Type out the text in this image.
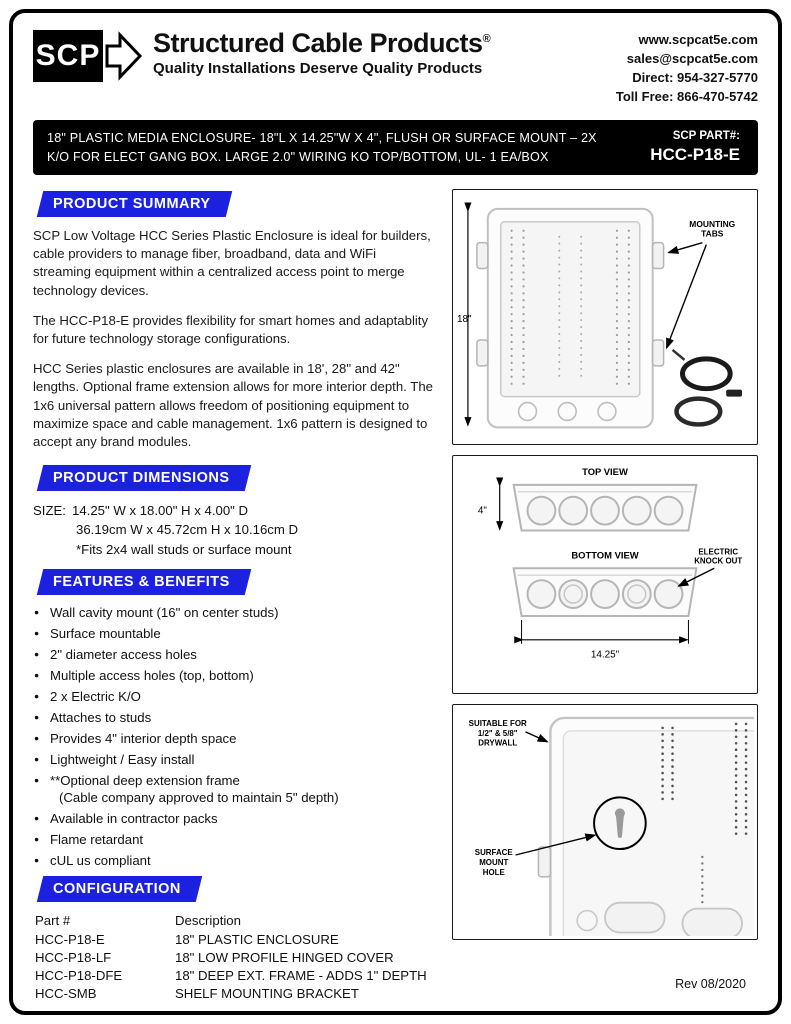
SCP Structured Cable Products®
Quality Installations Deserve Quality Products
www.scpcat5e.com
sales@scpcat5e.com
Direct: 954-327-5770
Toll Free: 866-470-5742
18" PLASTIC MEDIA ENCLOSURE- 18"L X 14.25"W X 4", FLUSH OR SURFACE MOUNT – 2X K/O FOR ELECT GANG BOX. LARGE 2.0" WIRING KO TOP/BOTTOM, UL- 1 EA/BOX
SCP PART#:
HCC-P18-E
PRODUCT SUMMARY

SCP Low Voltage HCC Series Plastic Enclosure is ideal for builders, cable providers to manage fiber, broadband, data and WiFi streaming equipment within a centralized access point to merge technology devices.

The HCC-P18-E provides flexibility for smart homes and adaptablity for future technology storage configurations.

HCC Series plastic enclosures are available in 18', 28" and 42" lengths. Optional frame extension allows for more interior depth. The 1x6 universal pattern allows freedom of positioning equipment to maximize space and cable management. 1x6 pattern is designed to accept any brand modules.

PRODUCT DIMENSIONS
SIZE: 14.25" W x 18.00" H x 4.00" D
36.19cm W x 45.72cm H x 10.16cm D
*Fits 2x4 wall studs or surface mount
FEATURES & BENEFITS
● Wall cavity mount (16" on center studs)
● Surface mountable
● 2" diameter access holes
● Multiple access holes (top, bottom)
● 2 x Electric K/O
● Attaches to studs
● Provides 4" interior depth space
● Lightweight / Easy install
● **Optional deep extension frame
(Cable company approved to maintain 5" depth)
● Available in contractor packs
● Flame retardant
● cUL us compliant
CONFIGURATION
Part #	Description
HCC-P18-E	18" PLASTIC ENCLOSURE
HCC-P18-LF	18" LOW PROFILE HINGED COVER
HCC-P18-DFE	18" DEEP EXT. FRAME - ADDS 1" DEPTH
HCC-SMB	SHELF MOUNTING BRACKET
18"
MOUNTING
TABS
TOP VIEW
4"
BOTTOM VIEW	ELECTRIC
KNOCK OUT
14.25"
SUITABLE FOR
1/2" & 5/8"
DRYWALL
SURFACE
MOUNT
HOLE
Rev 08/2020
